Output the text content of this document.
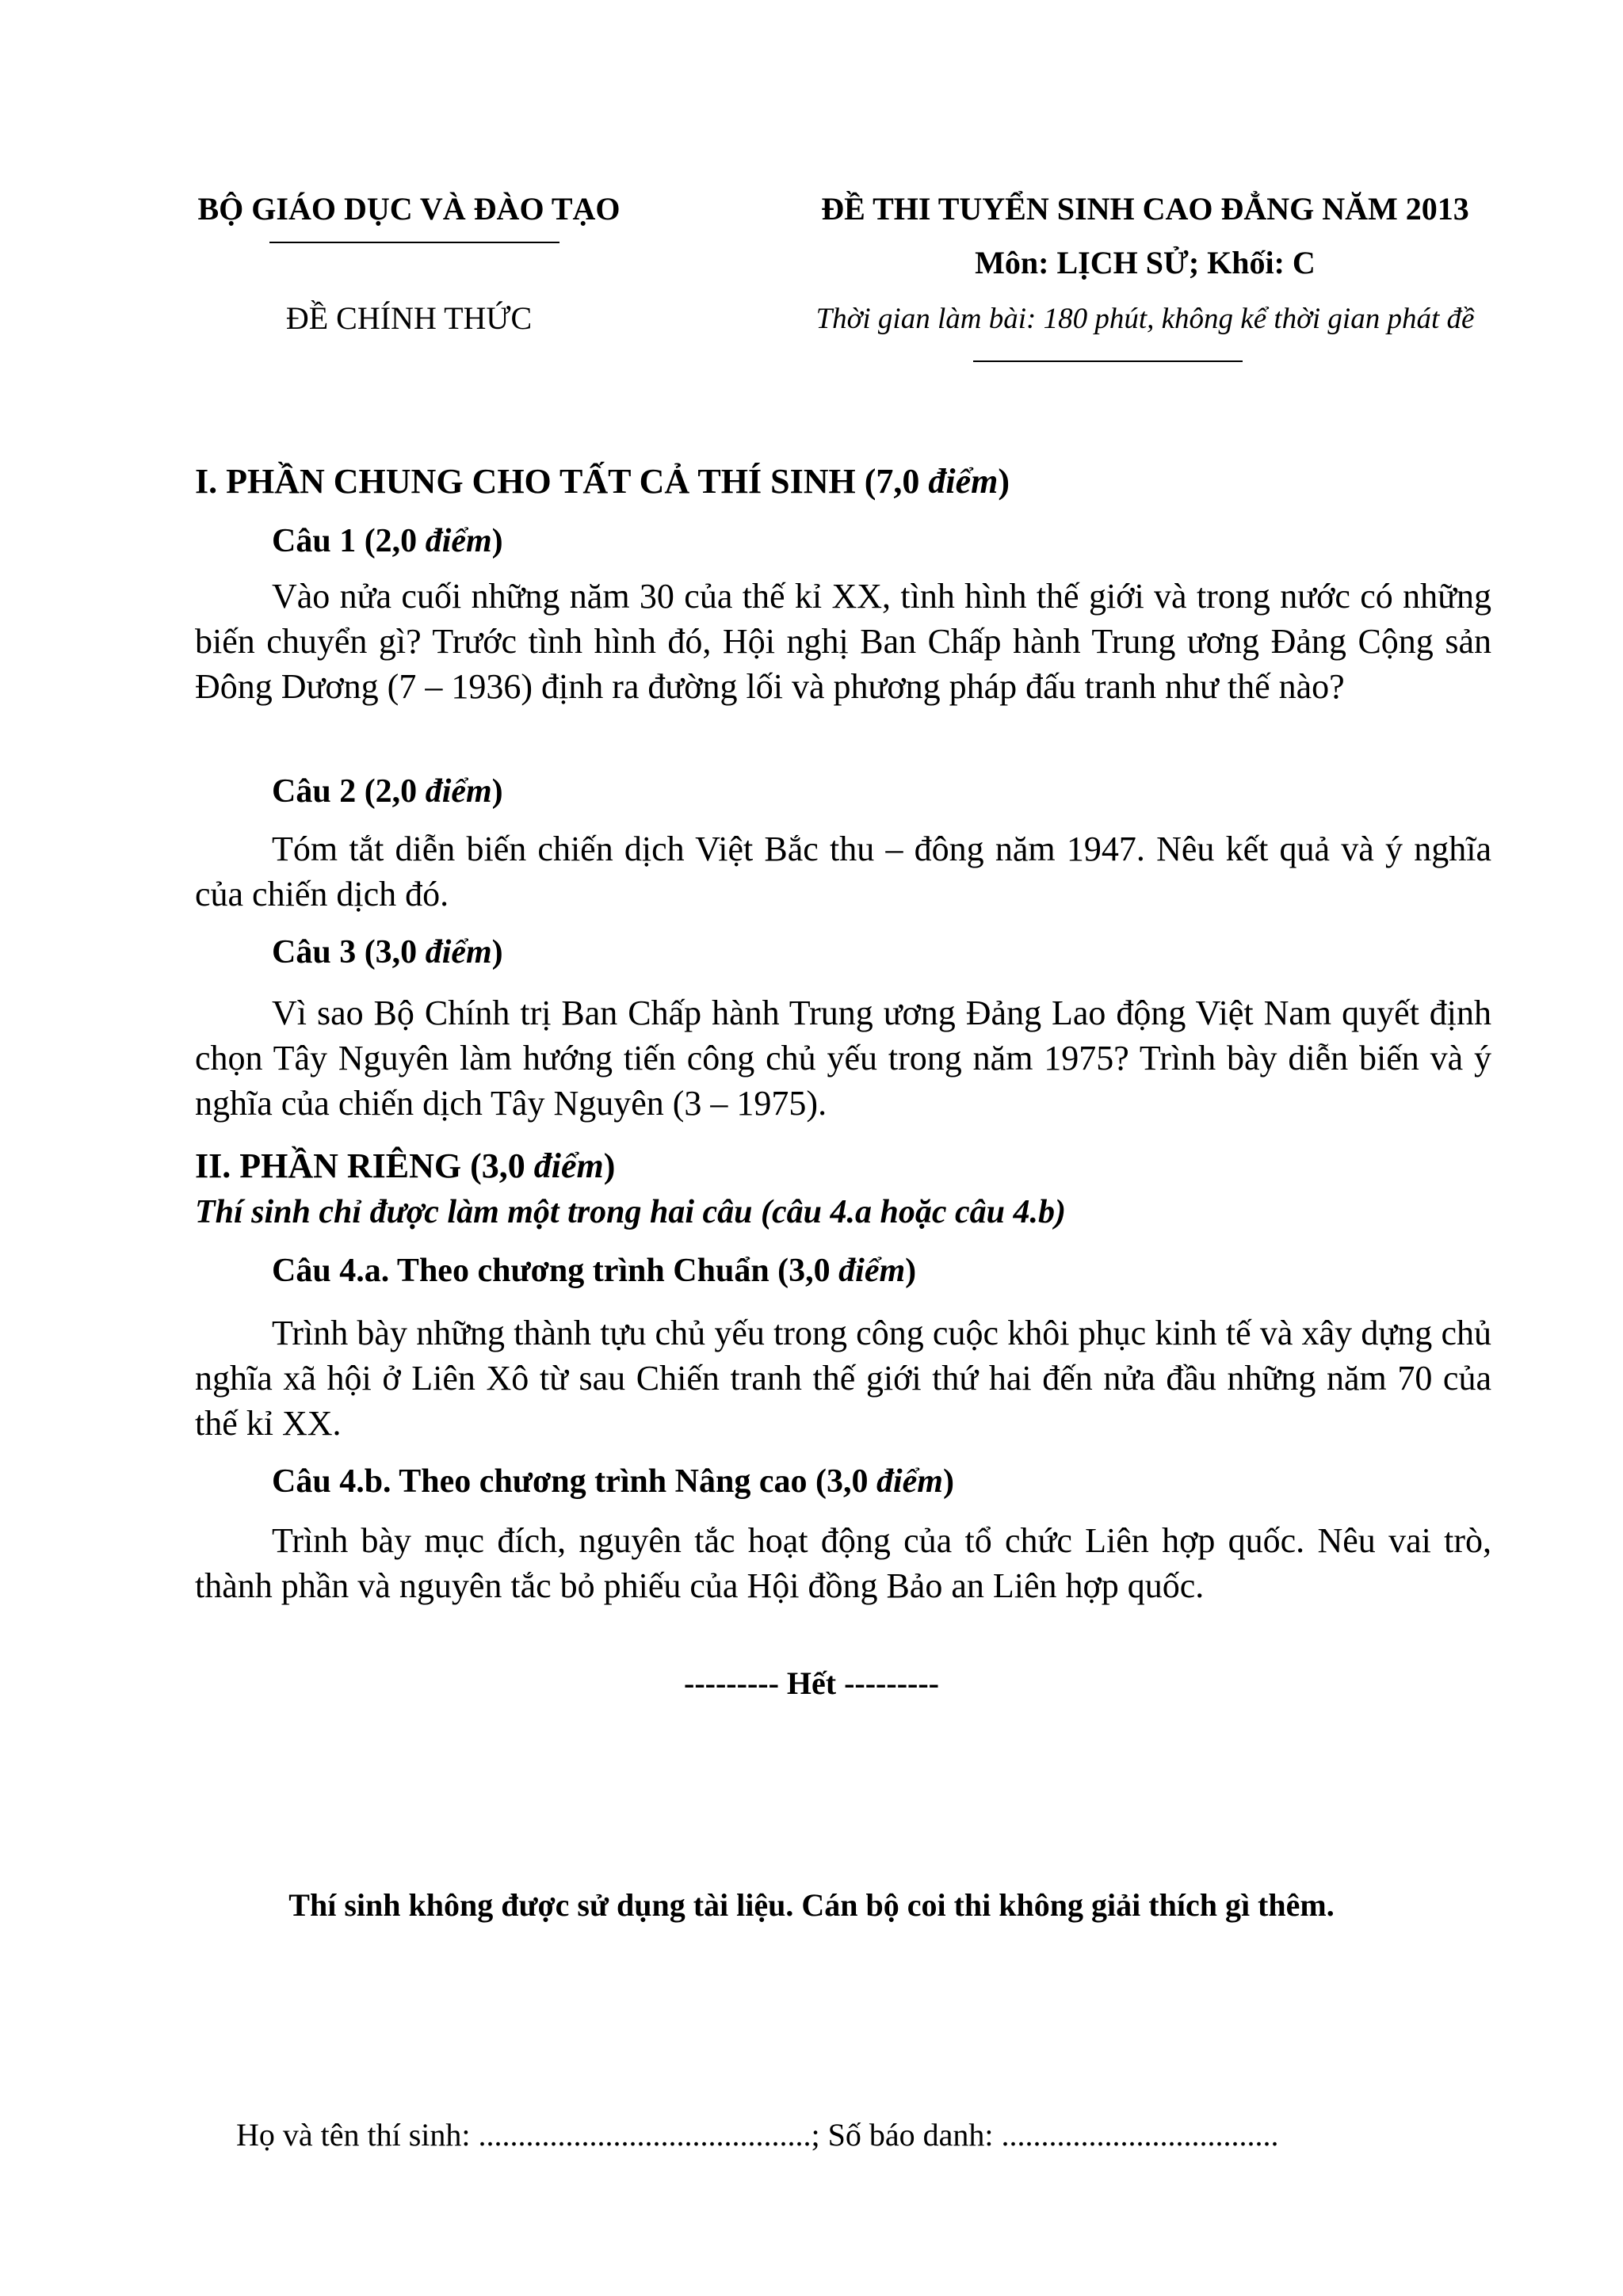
BỘ GIÁO DỤC VÀ ĐÀO TẠO
ĐỀ CHÍNH THỨC
ĐỀ THI TUYỂN SINH CAO ĐẲNG NĂM 2013
Môn: LỊCH SỬ; Khối: C
Thời gian làm bài: 180 phút, không kể thời gian phát đề
I. PHẦN CHUNG CHO TẤT CẢ THÍ SINH (7,0 điểm)
Câu 1 (2,0 điểm)
Vào nửa cuối những năm 30 của thế kỉ XX, tình hình thế giới và trong nước có những biến chuyển gì? Trước tình hình đó, Hội nghị Ban Chấp hành Trung ương Đảng Cộng sản Đông Dương (7 – 1936) định ra đường lối và phương pháp đấu tranh như thế nào?
Câu 2 (2,0 điểm)
Tóm tắt diễn biến chiến dịch Việt Bắc thu – đông năm 1947. Nêu kết quả và ý nghĩa của chiến dịch đó.
Câu 3 (3,0 điểm)
Vì sao Bộ Chính trị Ban Chấp hành Trung ương Đảng Lao động Việt Nam quyết định chọn Tây Nguyên làm hướng tiến công chủ yếu trong năm 1975? Trình bày diễn biến và ý nghĩa của chiến dịch Tây Nguyên (3 – 1975).
II. PHẦN RIÊNG (3,0 điểm)
Thí sinh chỉ được làm một trong hai câu (câu 4.a hoặc câu 4.b)
Câu 4.a. Theo chương trình Chuẩn (3,0 điểm)
Trình bày những thành tựu chủ yếu trong công cuộc khôi phục kinh tế và xây dựng chủ nghĩa xã hội ở Liên Xô từ sau Chiến tranh thế giới thứ hai đến nửa đầu những năm 70 của thế kỉ XX.
Câu 4.b. Theo chương trình Nâng cao (3,0 điểm)
Trình bày mục đích, nguyên tắc hoạt động của tổ chức Liên hợp quốc. Nêu vai trò, thành phần và nguyên tắc bỏ phiếu của Hội đồng Bảo an Liên hợp quốc.
--------- Hết ---------
Thí sinh không được sử dụng tài liệu. Cán bộ coi thi không giải thích gì thêm.
Họ và tên thí sinh: ..........................................; Số báo danh: ...................................
